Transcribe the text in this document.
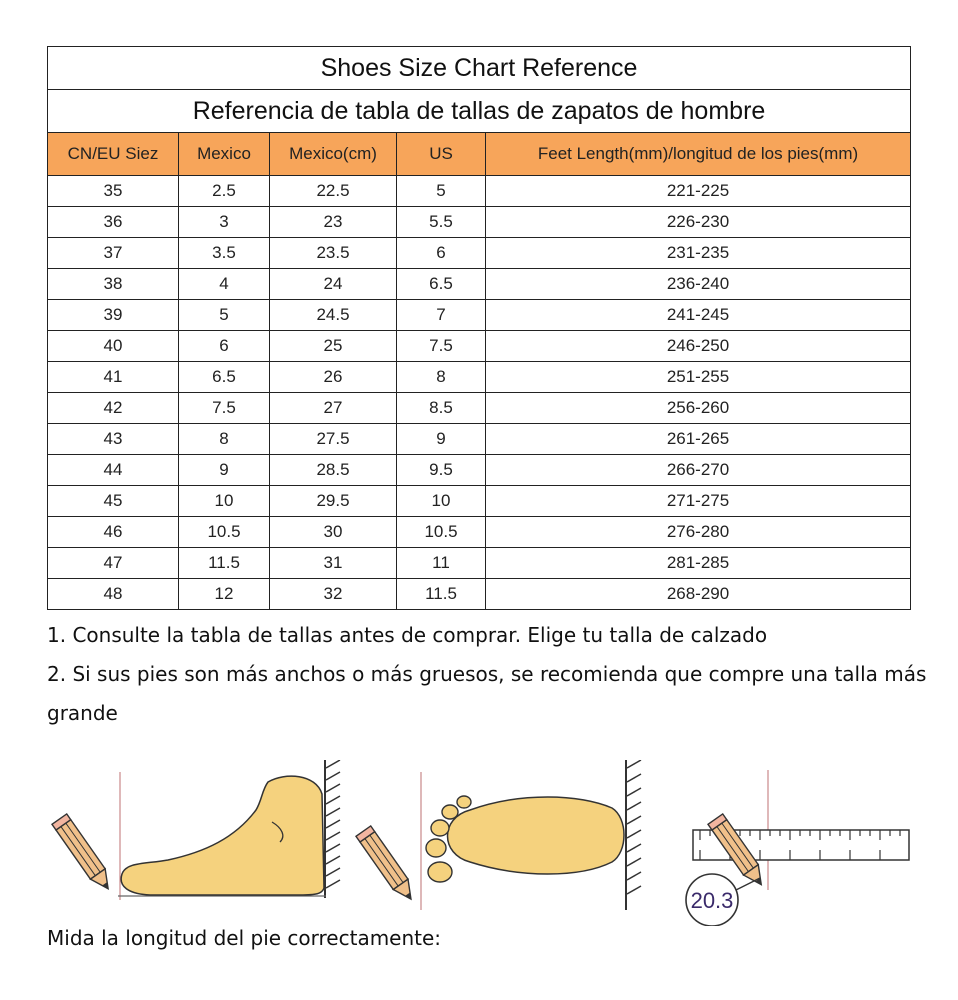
Shoes Size Chart Reference				
Referencia de tabla de tallas de zapatos de hombre				
CN/EU Siez	Mexico	Mexico(cm)	US	Feet Length(mm)/longitud de los pies(mm)
35	2.5	22.5	5	221-225
36	3	23	5.5	226-230
37	3.5	23.5	6	231-235
38	4	24	6.5	236-240
39	5	24.5	7	241-245
40	6	25	7.5	246-250
41	6.5	26	8	251-255
42	7.5	27	8.5	256-260
43	8	27.5	9	261-265
44	9	28.5	9.5	266-270
45	10	29.5	10	271-275
46	10.5	30	10.5	276-280
47	11.5	31	11	281-285
48	12	32	11.5	268-290

1. Consulte la tabla de tallas antes de comprar. Elige tu talla de calzado

2. Si sus pies son más anchos o más gruesos, se recomienda que compre una talla más grande

20.3
Mida la longitud del pie correctamente:
